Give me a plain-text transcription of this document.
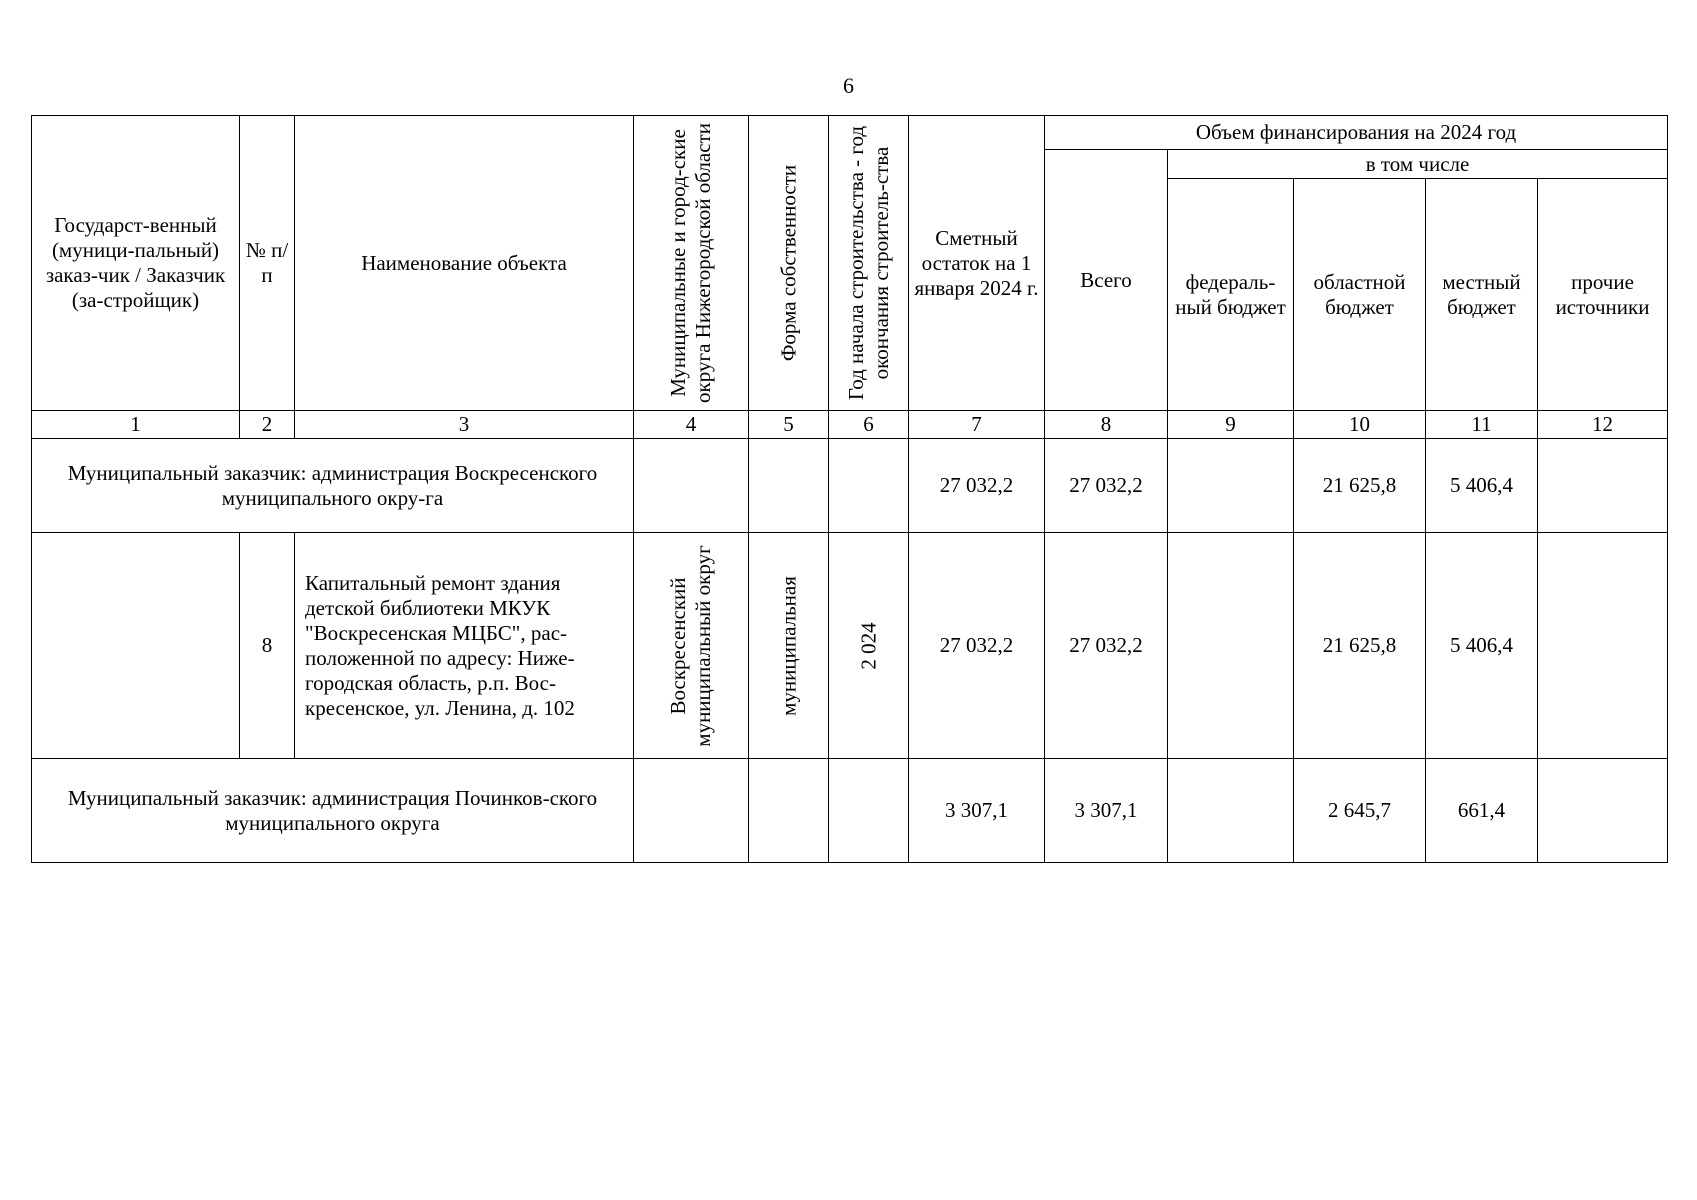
6
Государст-венный (муници-пальный) заказ-чик / Заказчик (за-стройщик)	№ п/п	Наименование объекта	Муниципальные и город-ские округа Нижегородской области	Форма собственности	Год начала строительства - год окончания строитель-ства	Сметный остаток на 1 января 2024 г.	Объем финансирования на 2024 год				
							Всего	в том числе			
								федераль-ный бюджет	областной бюджет	местный бюджет	прочие источники
1	2	3	4	5	6	7	8	9	10	11	12
Муниципальный заказчик: администрация Воскресенского муниципального окру-га						27 032,2	27 032,2		21 625,8	5 406,4	
	8	Капитальный ремонт здания детской библиотеки МКУК "Воскресенская МЦБС", рас-положенной по адресу: Ниже-городская область, р.п. Вос-кресенское, ул. Ленина, д. 102	Воскресенский муниципальный округ	муниципальная	2 024	27 032,2	27 032,2		21 625,8	5 406,4	
Муниципальный заказчик: администрация Починков-ского муниципального округа						3 307,1	3 307,1		2 645,7	661,4	
